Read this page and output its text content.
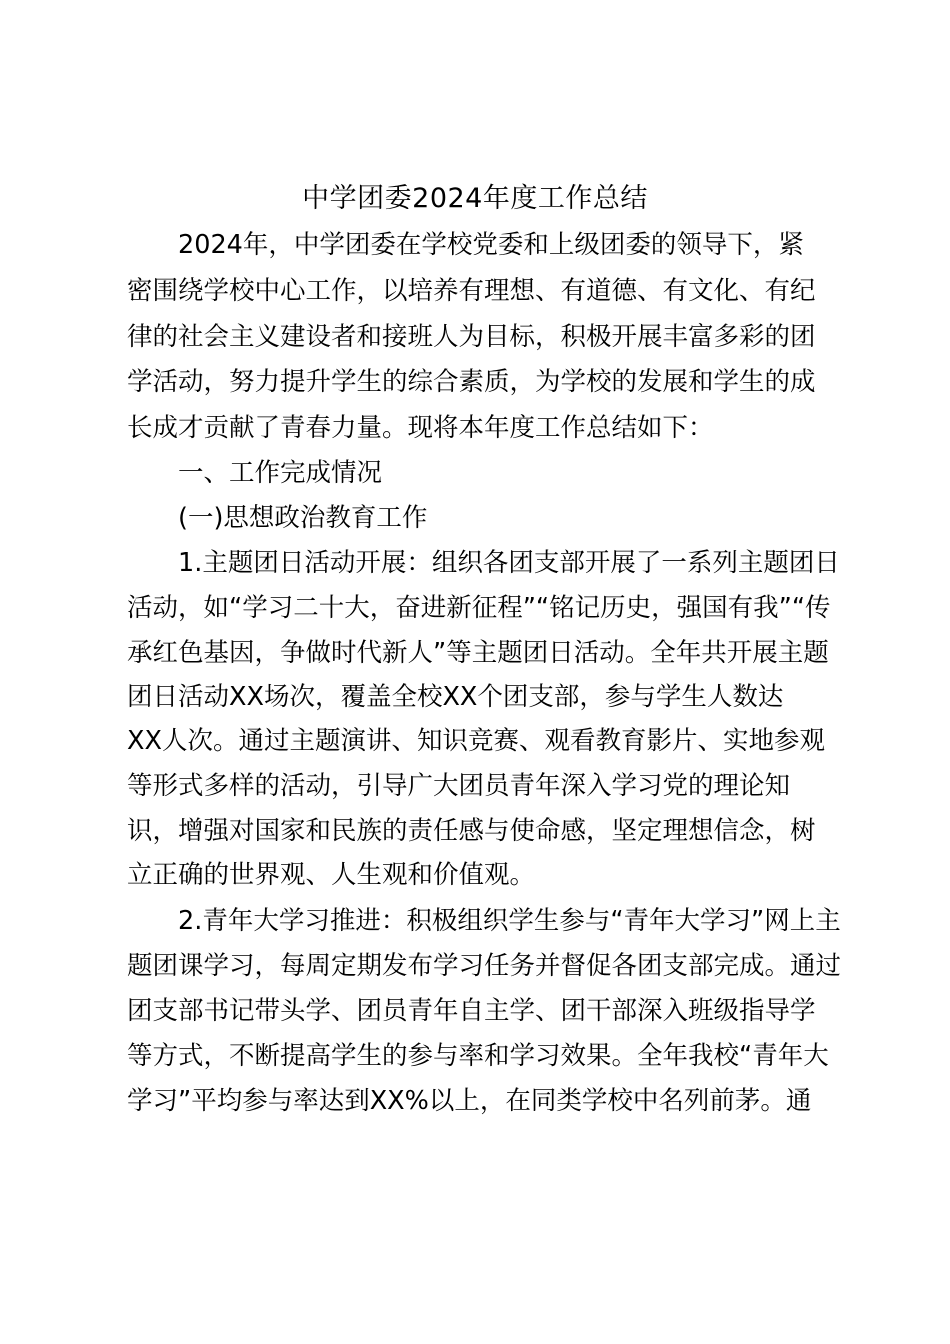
中学团委2024年度工作总结
　　2024年，中学团委在学校党委和上级团委的领导下，紧
密围绕学校中心工作，以培养有理想、有道德、有文化、有纪
律的社会主义建设者和接班人为目标，积极开展丰富多彩的团
学活动，努力提升学生的综合素质，为学校的发展和学生的成
长成才贡献了青春力量。现将本年度工作总结如下：
　　一、工作完成情况
　　(一)思想政治教育工作
　　1.主题团日活动开展：组织各团支部开展了一系列主题团日
活动，如“学习二十大，奋进新征程”“铭记历史，强国有我”“传
承红色基因，争做时代新人”等主题团日活动。全年共开展主题
团日活动XX场次，覆盖全校XX个团支部，参与学生人数达
XX人次。通过主题演讲、知识竞赛、观看教育影片、实地参观
等形式多样的活动，引导广大团员青年深入学习党的理论知
识，增强对国家和民族的责任感与使命感，坚定理想信念，树
立正确的世界观、人生观和价值观。
　　2.青年大学习推进：积极组织学生参与“青年大学习”网上主
题团课学习，每周定期发布学习任务并督促各团支部完成。通过
团支部书记带头学、团员青年自主学、团干部深入班级指导学
等方式，不断提高学生的参与率和学习效果。全年我校“青年大
学习”平均参与率达到XX%以上，在同类学校中名列前茅。通
